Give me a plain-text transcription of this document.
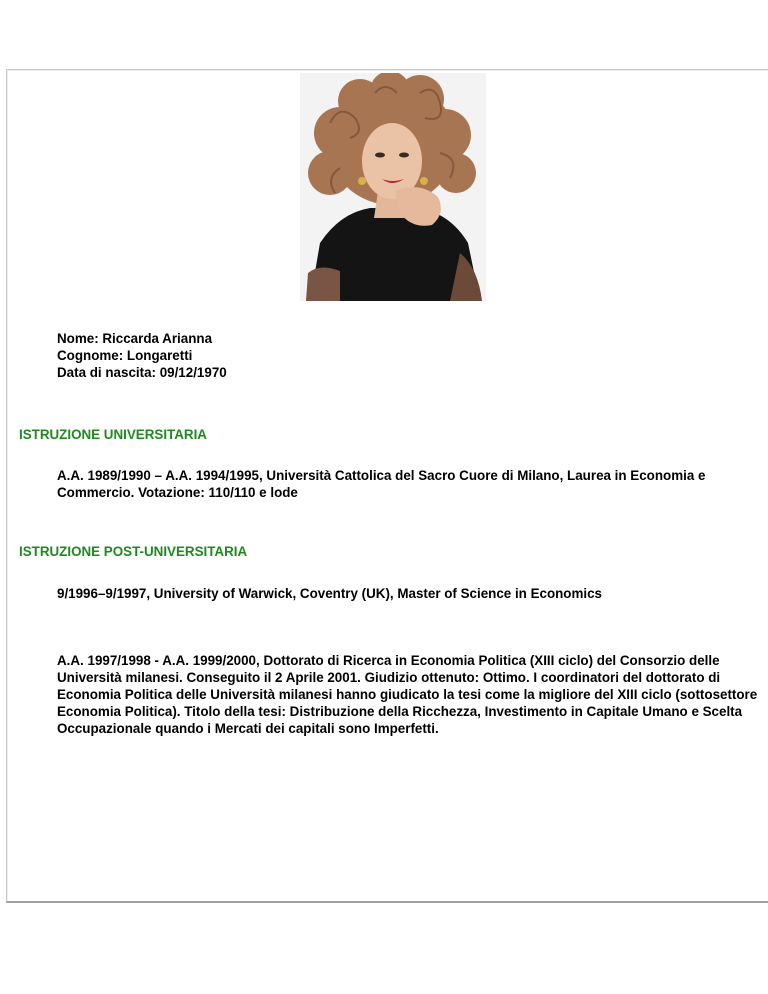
Nome: Riccarda Arianna
Cognome: Longaretti
Data di nascita: 09/12/1970
ISTRUZIONE UNIVERSITARIA
A.A. 1989/1990 – A.A. 1994/1995, Università Cattolica del Sacro Cuore di Milano, Laurea in Economia e Commercio. Votazione: 110/110 e lode
ISTRUZIONE POST-UNIVERSITARIA
9/1996–9/1997, University of Warwick, Coventry (UK), Master of Science in Economics
A.A. 1997/1998 - A.A. 1999/2000, Dottorato di Ricerca in Economia Politica (XIII ciclo) del Consorzio delle Università milanesi. Conseguito il 2 Aprile 2001. Giudizio ottenuto: Ottimo. I coordinatori del dottorato di Economia Politica delle Università milanesi hanno giudicato la tesi come la migliore del XIII ciclo (sottosettore Economia Politica). Titolo della tesi: Distribuzione della Ricchezza, Investimento in Capitale Umano e Scelta Occupazionale quando i Mercati dei capitali sono Imperfetti.
